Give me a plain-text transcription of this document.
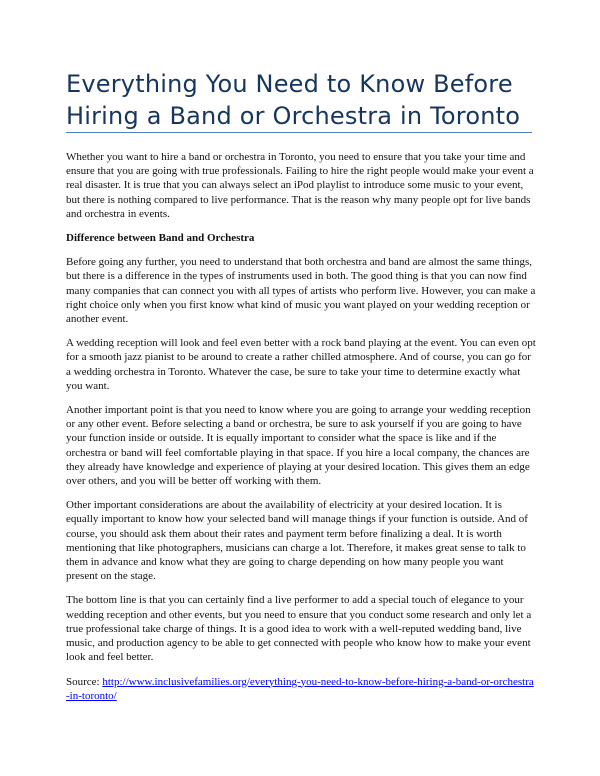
Everything You Need to Know Before Hiring a Band or Orchestra in Toronto

Whether you want to hire a band or orchestra in Toronto, you need to ensure that you take your time and ensure that you are going with true professionals. Failing to hire the right people would make your event a real disaster. It is true that you can always select an iPod playlist to introduce some music to your event, but there is nothing compared to live performance. That is the reason why many people opt for live bands and orchestra in events.

Difference between Band and Orchestra

Before going any further, you need to understand that both orchestra and band are almost the same things, but there is a difference in the types of instruments used in both. The good thing is that you can now find many companies that can connect you with all types of artists who perform live. However, you can make a right choice only when you first know what kind of music you want played on your wedding reception or another event.

A wedding reception will look and feel even better with a rock band playing at the event. You can even opt for a smooth jazz pianist to be around to create a rather chilled atmosphere. And of course, you can go for a wedding orchestra in Toronto. Whatever the case, be sure to take your time to determine exactly what you want.

Another important point is that you need to know where you are going to arrange your wedding reception or any other event. Before selecting a band or orchestra, be sure to ask yourself if you are going to have your function inside or outside. It is equally important to consider what the space is like and if the orchestra or band will feel comfortable playing in that space. If you hire a local company, the chances are they already have knowledge and experience of playing at your desired location. This gives them an edge over others, and you will be better off working with them.

Other important considerations are about the availability of electricity at your desired location. It is equally important to know how your selected band will manage things if your function is outside. And of course, you should ask them about their rates and payment term before finalizing a deal. It is worth mentioning that like photographers, musicians can charge a lot. Therefore, it makes great sense to talk to them in advance and know what they are going to charge depending on how many people you want present on the stage.

The bottom line is that you can certainly find a live performer to add a special touch of elegance to your wedding reception and other events, but you need to ensure that you conduct some research and only let a true professional take charge of things. It is a good idea to work with a well-reputed wedding band, live music, and production agency to be able to get connected with people who know how to make your event look and feel better.

Source: http://www.inclusivefamilies.org/everything-you-need-to-know-before-hiring-a-band-or-orchestra-in-toronto/
